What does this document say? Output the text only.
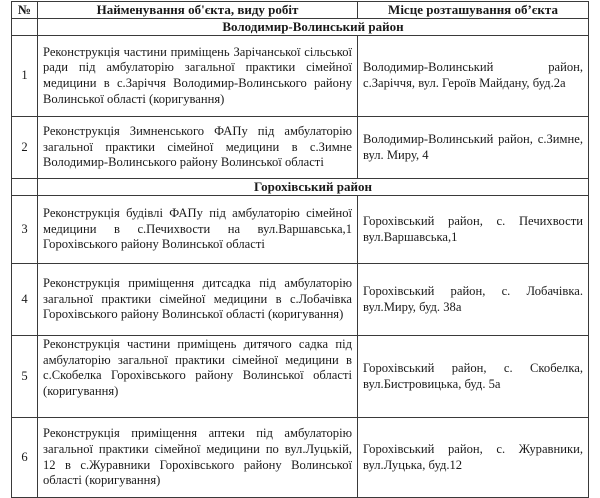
№	Найменування об'єкта, виду робіт	Місце розташування об’єкта
	Володимир-Волинський район	
1	Реконструкція частини приміщень Зарічанської сільської ради під амбулаторію загальної практики сімейної медицини в с.Заріччя Володимир-Волинського району Волинської області (коригування)	Володимир-Волинський район, с.Заріччя, вул. Героїв Майдану, буд.2а
2	Реконструкція Зимненського ФАПу під амбулаторію загальної практики сімейної медицини в с.Зимне Володимир-Волинського району Волинської області	Володимир-Волинський район, с.Зимне, вул. Миру, 4
	Горохівський район	
3	Реконструкція будівлі ФАПу під амбулаторію сімейної медицини в с.Печихвости на вул.Варшавська,1 Горохівського району Волинської області	Горохівський район, с. Печихвости вул.Варшавська,1
4	Реконструкція приміщення дитсадка під амбулаторію загальної практики сімейної медицини в с.Лобачівка Горохівського району Волинської області (коригування)	Горохівський район, с. Лобачівка. вул.Миру, буд. 38а
5	Реконструкція частини приміщень дитячого садка під амбулаторію загальної практики сімейної медицини в с.Скобелка Горохівського району Волинської області (коригування)	Горохівський район, с. Скобелка, вул.Бистровицька, буд. 5а
6	Реконструкція приміщення аптеки під амбулаторію загальної практики сімейної медицини по вул.Луцькій, 12 в с.Журавники Горохівського району Волинської області (коригування)	Горохівський район, с. Журавники, вул.Луцька, буд.12
